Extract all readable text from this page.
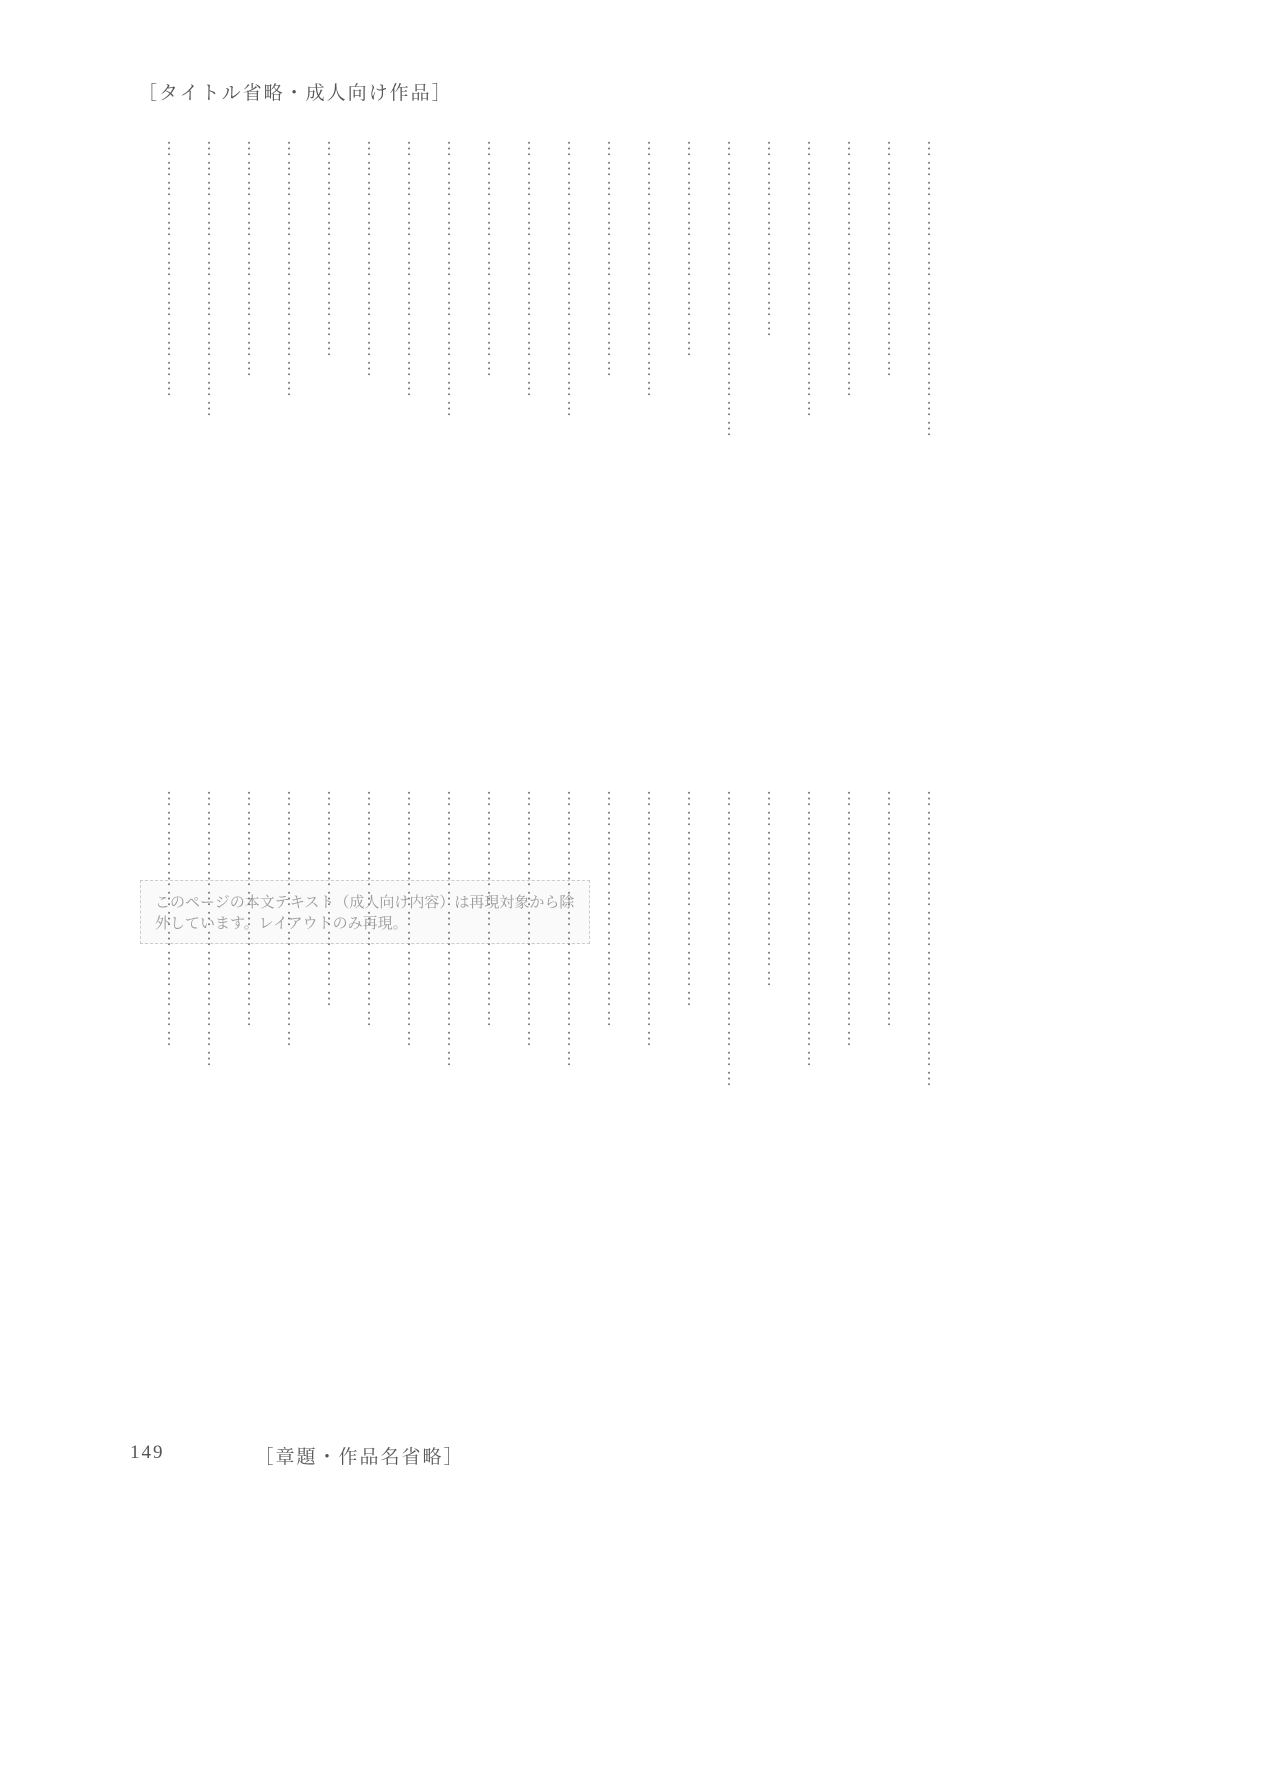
［タイトル省略・成人向け作品］
………………………………………
………………………………
…………………………………
……………………………………
…………………………
………………………………………
……………………………
…………………………………
………………………………
……………………………………
…………………………………
………………………………
……………………………………
…………………………………
………………………………
……………………………
…………………………………
………………………………
……………………………………
…………………………………
このページの本文テキスト（成人向け内容）は再現対象から除外しています。レイアウトのみ再現。	………………………………………
………………………………
…………………………………
……………………………………
…………………………
………………………………………
……………………………
…………………………………
………………………………
……………………………………
…………………………………
………………………………
……………………………………
…………………………………
………………………………
……………………………
…………………………………
………………………………
……………………………………
…………………………………
149	［章題・作品名省略］
